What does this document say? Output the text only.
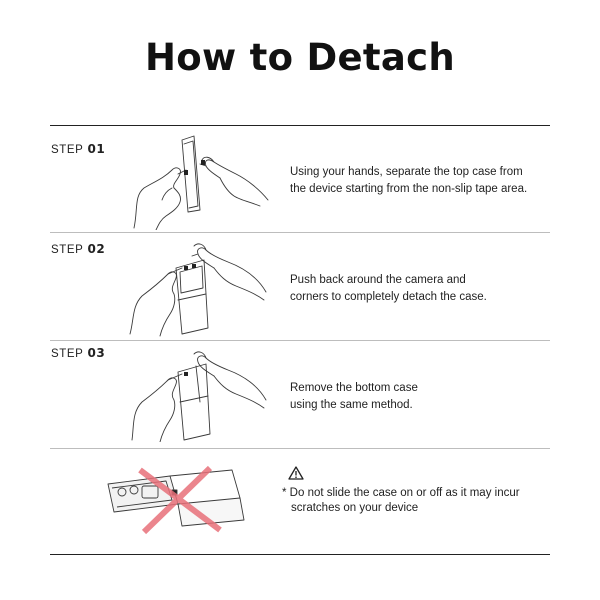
How to Detach
STEP 01
Using your hands, separate the top case from
the device starting from the non-slip tape area.
STEP 02
Push back around the camera and
corners to completely detach the case.
STEP 03
Remove the bottom case
using the same method.
* Do not slide the case on or off as it may incur
scratches on your device
